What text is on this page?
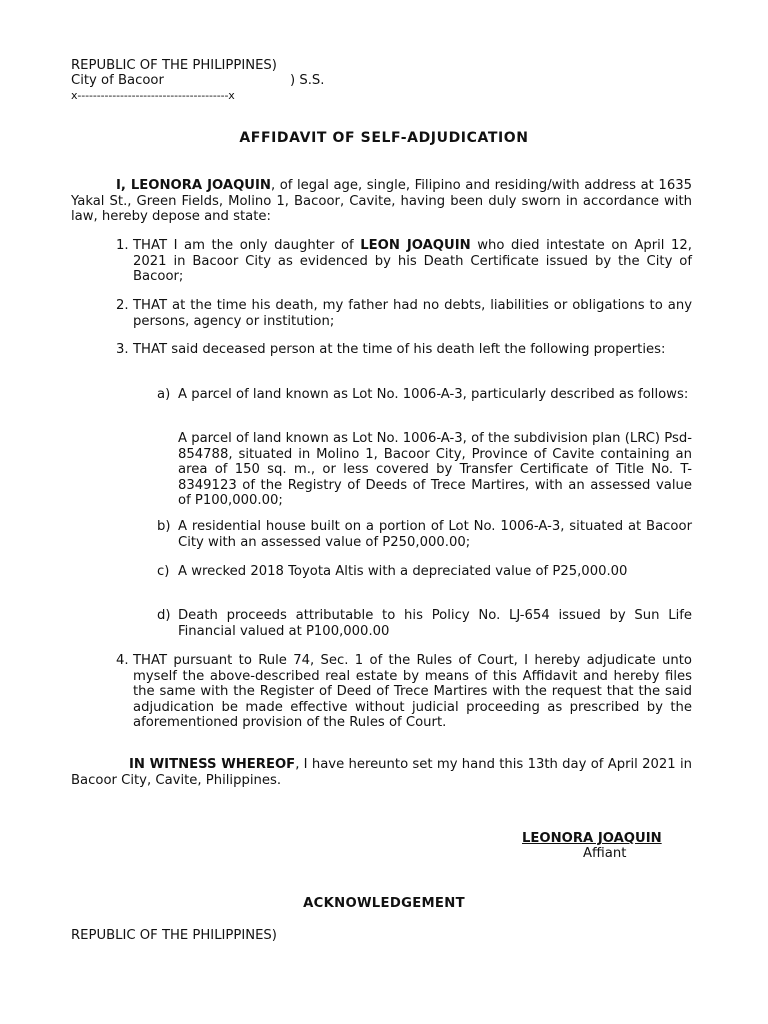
REPUBLIC OF THE PHILIPPINES)
City of Bacoor	) S.S.
x---------------------------------------x
AFFIDAVIT OF SELF-ADJUDICATION
I, LEONORA JOAQUIN, of legal age, single, Filipino and residing/with address at 1635 Yakal St., Green Fields, Molino 1, Bacoor, Cavite, having been duly sworn in accordance with law, hereby depose and state:
1. THAT I am the only daughter of LEON JOAQUIN who died intestate on April 12, 2021 in Bacoor City as evidenced by his Death Certificate issued by the City of Bacoor;
2. THAT at the time his death, my father had no debts, liabilities or obligations to any persons, agency or institution;
3. THAT said deceased person at the time of his death left the following properties:
a) A parcel of land known as Lot No. 1006-A-3, particularly described as follows:
A parcel of land known as Lot No. 1006-A-3, of the subdivision plan (LRC) Psd-854788, situated in Molino 1, Bacoor City, Province of Cavite containing an area of 150 sq. m., or less covered by Transfer Certificate of Title No. T-8349123 of the Registry of Deeds of Trece Martires, with an assessed value of P100,000.00;
b) A residential house built on a portion of Lot No. 1006-A-3, situated at Bacoor City with an assessed value of P250,000.00;
c) A wrecked 2018 Toyota Altis with a depreciated value of P25,000.00
d) Death proceeds attributable to his Policy No. LJ-654 issued by Sun Life Financial valued at P100,000.00
4. THAT pursuant to Rule 74, Sec. 1 of the Rules of Court, I hereby adjudicate unto myself the above-described real estate by means of this Affidavit and hereby files the same with the Register of Deed of Trece Martires with the request that the said adjudication be made effective without judicial proceeding as prescribed by the aforementioned provision of the Rules of Court.
IN WITNESS WHEREOF, I have hereunto set my hand this 13th day of April 2021 in Bacoor City, Cavite, Philippines.
LEONORA JOAQUIN
Affiant
ACKNOWLEDGEMENT
REPUBLIC OF THE PHILIPPINES)
